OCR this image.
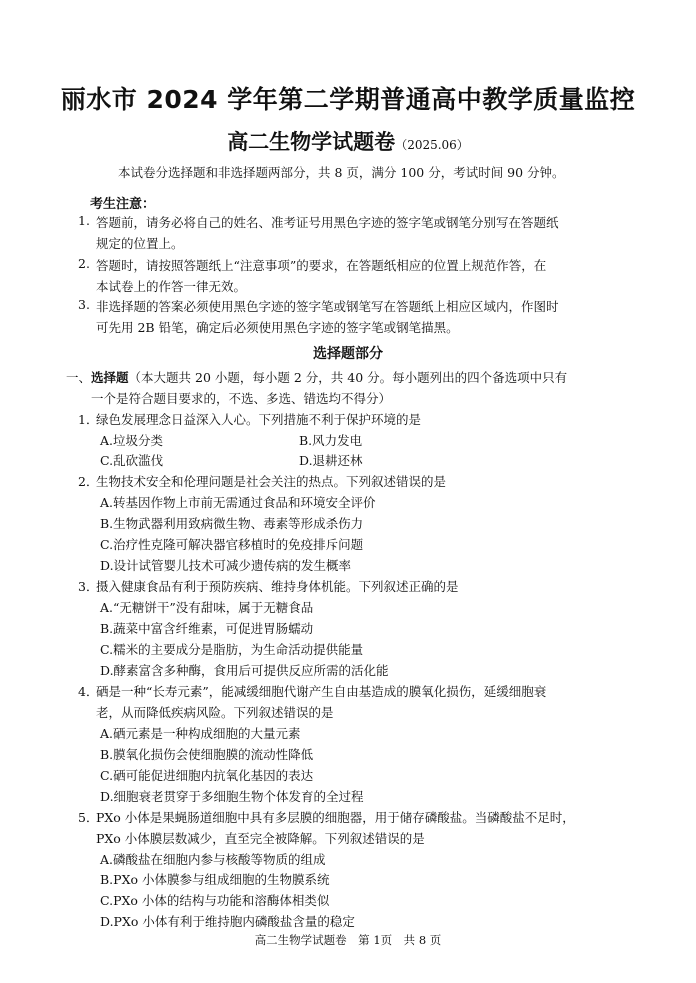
丽水市 2024 学年第二学期普通高中教学质量监控
高二生物学试题卷（2025.06）
本试卷分选择题和非选择题两部分，共 8 页，满分 100 分，考试时间 90 分钟。
考生注意：
1. 答题前，请务必将自己的姓名、准考证号用黑色字迹的签字笔或钢笔分别写在答题纸
规定的位置上。
2. 答题时，请按照答题纸上“注意事项”的要求，在答题纸相应的位置上规范作答，在
本试卷上的作答一律无效。
3. 非选择题的答案必须使用黑色字迹的签字笔或钢笔写在答题纸上相应区域内，作图时
可先用 2B 铅笔，确定后必须使用黑色字迹的签字笔或钢笔描黑。
选择题部分
一、选择题（本大题共 20 小题，每小题 2 分，共 40 分。每小题列出的四个备选项中只有
一个是符合题目要求的，不选、多选、错选均不得分）
1．
绿色发展理念日益深入人心。下列措施不利于保护环境的是
A.垃圾分类	B.风力发电
C.乱砍滥伐	D.退耕还林
2．
生物技术安全和伦理问题是社会关注的热点。下列叙述错误的是
A.转基因作物上市前无需通过食品和环境安全评价
B.生物武器利用致病微生物、毒素等形成杀伤力
C.治疗性克隆可解决器官移植时的免疫排斥问题
D.设计试管婴儿技术可减少遗传病的发生概率
3．
摄入健康食品有利于预防疾病、维持身体机能。下列叙述正确的是
A.“无糖饼干”没有甜味，属于无糖食品
B.蔬菜中富含纤维素，可促进胃肠蠕动
C.糯米的主要成分是脂肪，为生命活动提供能量
D.酵素富含多种酶，食用后可提供反应所需的活化能
4．
硒是一种“长寿元素”，能减缓细胞代谢产生自由基造成的膜氧化损伤，延缓细胞衰
老，从而降低疾病风险。下列叙述错误的是
A.硒元素是一种构成细胞的大量元素
B.膜氧化损伤会使细胞膜的流动性降低
C.硒可能促进细胞内抗氧化基因的表达
D.细胞衰老贯穿于多细胞生物个体发育的全过程
5．
PXo 小体是果蝇肠道细胞中具有多层膜的细胞器，用于储存磷酸盐。当磷酸盐不足时，
PXo 小体膜层数减少，直至完全被降解。下列叙述错误的是
A.磷酸盐在细胞内参与核酸等物质的组成
B.PXo 小体膜参与组成细胞的生物膜系统
C.PXo 小体的结构与功能和溶酶体相类似
D.PXo 小体有利于维持胞内磷酸盐含量的稳定
高二生物学试题卷　第 1页　共 8 页
